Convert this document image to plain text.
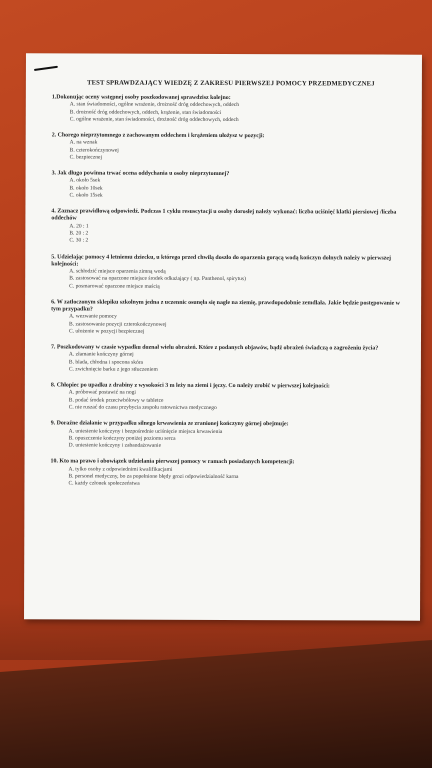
TEST SPRAWDZAJĄCY WIEDZĘ Z ZAKRESU PIERWSZEJ POMOCY PRZEDMEDYCZNEJ
1.Dokonując oceny wstępnej osoby poszkodowanej sprawdzisz kolejno:
A. stan świadomości, ogólne wrażenie, drożność dróg oddechowych, oddech
B. drożność dróg oddechowych, oddech, krążenie, stan świadomości
C. ogólne wrażenie, stan świadomości, drożność dróg oddechowych, oddech
2. Chorego nieprzytomnego z zachowanym oddechem i krążeniem ułożysz w pozycji:
A. na wznak
B. czterokończynowej
C. bezpiecznej
3. Jak długo powinna trwać ocena oddychania u osoby nieprzytomnej?
A. około 5sek
B. około 10sek
C. około 15sek
4. Zaznacz prawidłową odpowiedź. Podczas 1 cyklu resuscytacji u osoby dorosłej należy wykonać: liczba uciśnięć klatki piersiowej /liczba oddechów
A. 20 : 1
B. 20 : 2
C. 30 : 2
5. Udzielając pomocy 4 letniemu dziecku, u którego przed chwilą doszło do oparzenia gorącą wodą kończyn dolnych należy w pierwszej kolejności:
A. schłodzić miejsce oparzenia zimną wodą
B. zastosować na oparzone miejsce środek odkażający ( np. Panthenol, spirytus)
C. posmarować oparzone miejsce maścią
6. W zatłoczonym sklepiku szkolnym jedna z uczennic osunęła się nagle na ziemię, prawdopodobnie zemdlała. Jakie będzie postępowanie w tym przypadku?
A. wezwanie pomocy
B. zastosowanie pozycji czterokończynowej
C. ułożenie w pozycji bezpiecznej
7. Poszkodowany w czasie wypadku doznał wielu obrażeń. Które z podanych objawów, bądź obrażeń świadczą o zagrożeniu życia?
A. złamanie kończyny górnej
B. blada, chłodna i spocona skóra
C. zwichnięcie barku z jego stłuczeniem
8. Chłopiec po upadku z drabiny z wysokości 3 m leży na ziemi i jęczy. Co należy zrobić w pierwszej kolejności:
A. próbować postawić na nogi
B. podać środek przeciwbólowy w tabletce
C. nie ruszać do czasu przybycia zespołu ratownictwa medycznego
9. Doraźne działanie w przypadku silnego krwawienia ze zranionej kończyny górnej obejmuje:
A. uniesienie kończyny i bezpośrednie uciśnięcie miejsca krwawienia
B. opuszczenie kończyny poniżej poziomu serca
D. uniesienie kończyny i zabandażowanie
10. Kto ma prawo i obowiązek udzielania pierwszej pomocy w ramach posiadanych kompetencji:
A. tylko osoby z odpowiednimi kwalifikacjami
B. personel medyczny, bo za popełnione błędy grozi odpowiedzialność karna
C. każdy członek społeczeństwa
